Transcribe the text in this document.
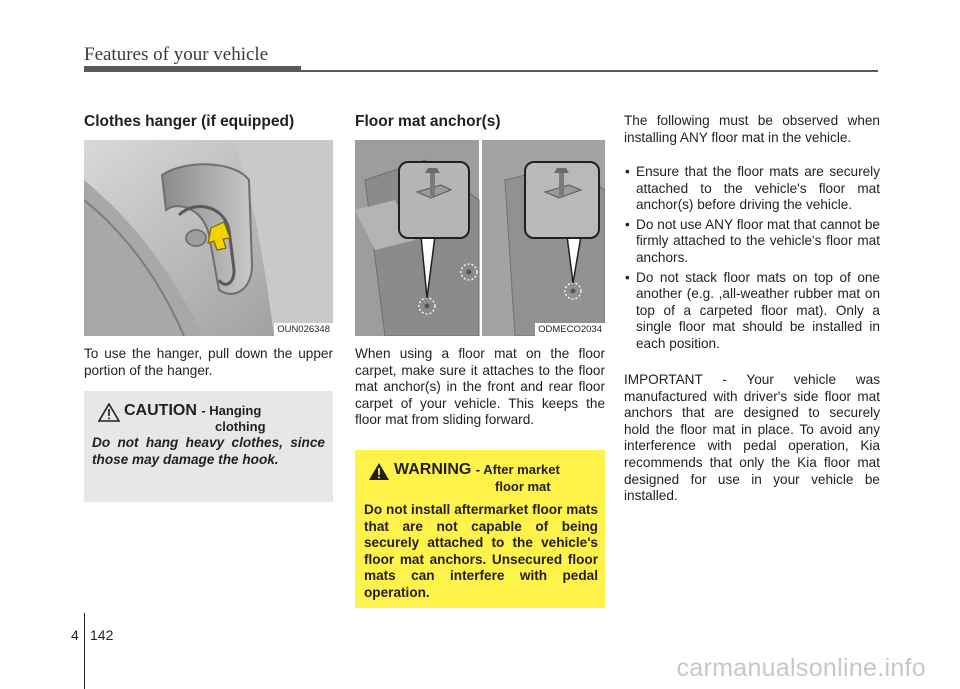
Features of your vehicle
Clothes hanger (if equipped)
OUN026348

To use the hanger, pull down the upper portion of the hanger.

CAUTION - Hanging
clothing

Do not hang heavy clothes, since those may damage the hook.

Floor mat anchor(s)
ODMECO2034

When using a floor mat on the floor carpet, make sure it attaches to the floor mat anchor(s) in the front and rear floor carpet of your vehicle. This keeps the floor mat from sliding forward.

WARNING - After market
floor mat

Do not install aftermarket floor mats that are not capable of being securely attached to the vehicle's floor mat anchors. Unsecured floor mats can interfere with pedal operation.

The following must be observed when installing ANY floor mat in the vehicle.

• Ensure that the floor mats are securely attached to the vehicle's floor mat anchor(s) before driving the vehicle.
• Do not use ANY floor mat that cannot be firmly attached to the vehicle's floor mat anchors.
• Do not stack floor mats on top of one another (e.g. ,all-weather rubber mat on top of a carpeted floor mat). Only a single floor mat should be installed in each position.

IMPORTANT - Your vehicle was manufactured with driver's side floor mat anchors that are designed to securely hold the floor mat in place. To avoid any interference with pedal operation, Kia recommends that only the Kia floor mat designed for use in your vehicle be installed.

4 142
carmanualsonline.info
